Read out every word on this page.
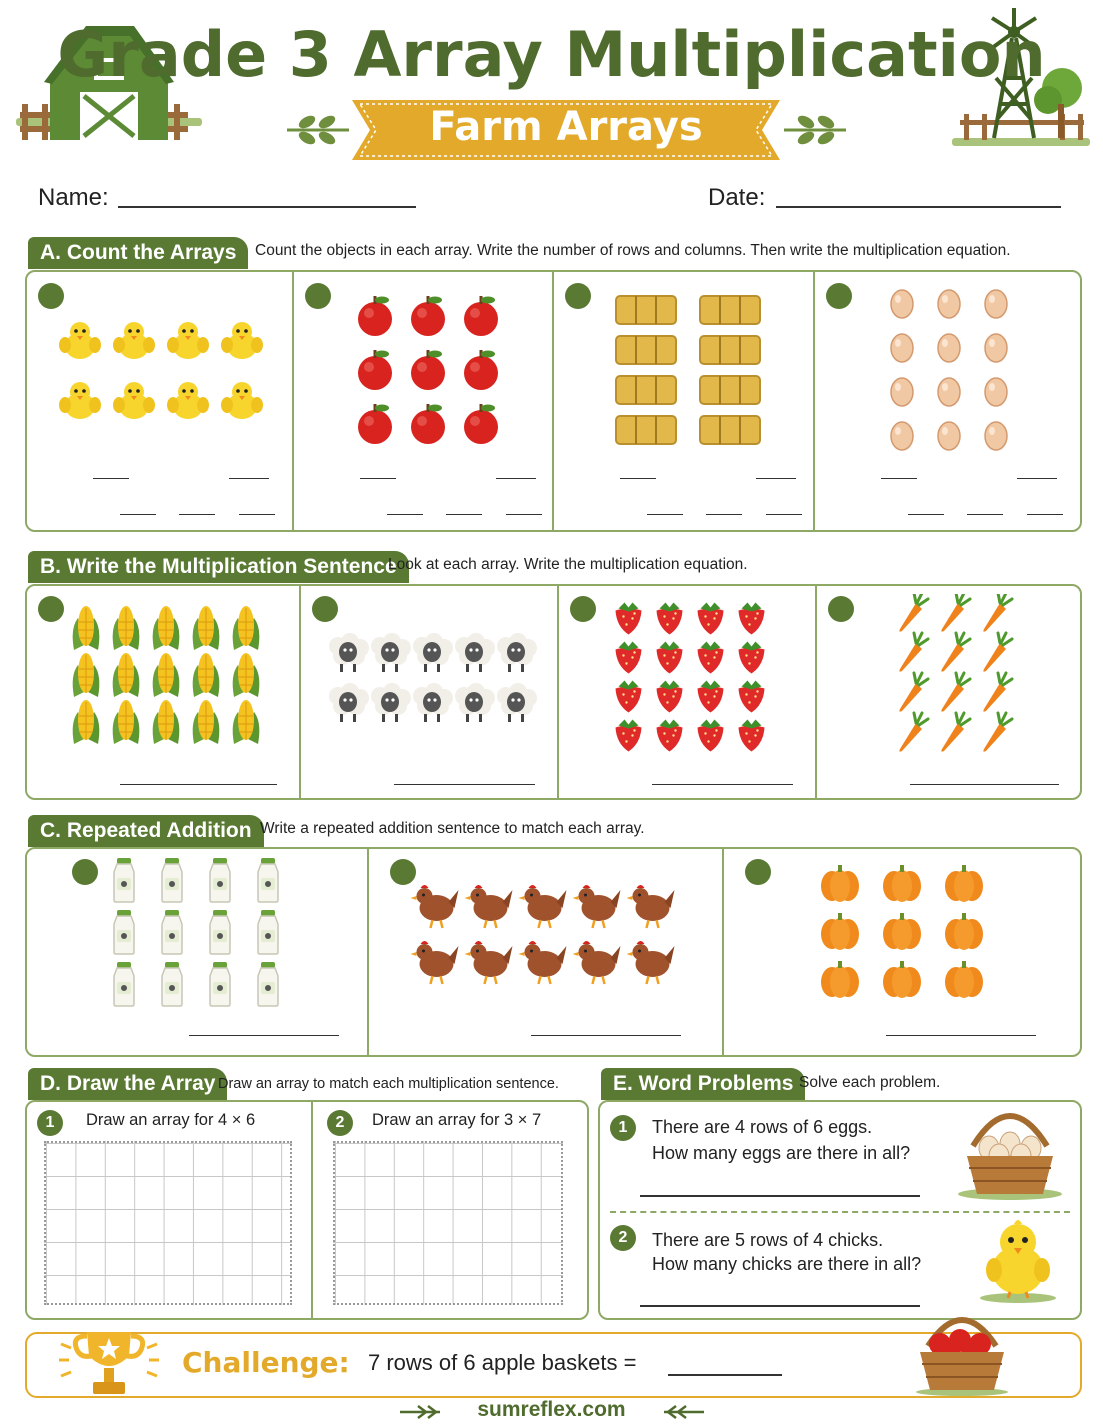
Grade 3 Array Multiplication
Farm Arrays
Name:	Date:
A. Count the Arrays	Count the objects in each array. Write the number of rows and columns. Then write the multiplication equation.
B. Write the Multiplication Sentence
Look at each array. Write the multiplication equation.
C. Repeated Addition Write a repeated addition sentence to match each array.
D. Draw the Array Draw an array to match each multiplication sentence.
1	Draw an array for 4 × 6	2	Draw an array for 3 × 7
E. Word Problems Solve each problem.
1	There are 4 rows of 6 eggs.
How many eggs are there in all?
2	There are 5 rows of 4 chicks.
How many chicks are there in all?
Challenge: 7 rows of 6 apple baskets =
sumreflex.com
